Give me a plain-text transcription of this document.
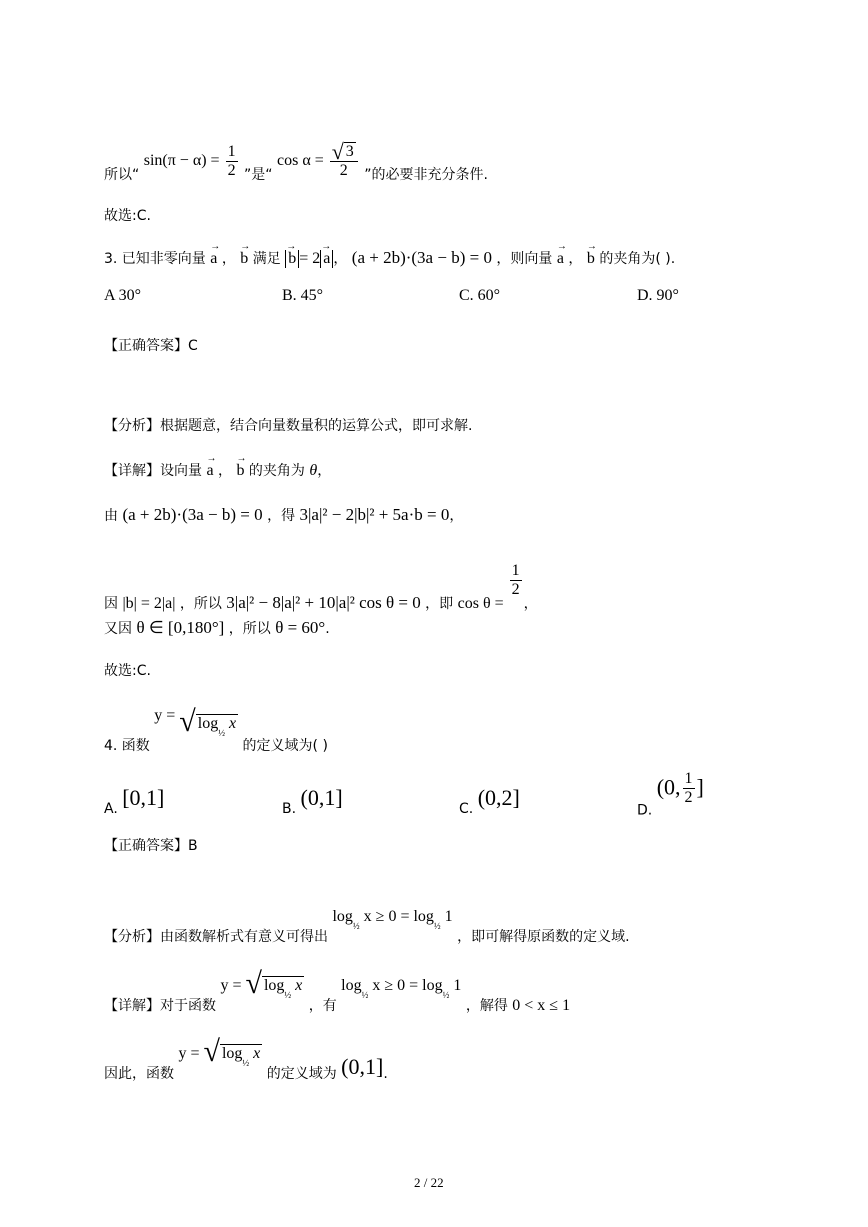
所以“ $\sin(\pi - \alpha) = \frac{1}{2}$ ”是“ $\cos \alpha = \frac{√ 3}{2}$ ”的必要非充分条件.
故选:C.
3. 已知非零向量 → a ， → b 满足 → b = 2 → a ， (a + 2b)·(3a − b) = 0 ，则向量 → a ， → b 的夹角为( ).
A 30°	B. 45°	C. 60°	D. 90°
【正确答案】C
【分析】根据题意，结合向量数量积的运算公式，即可求解.
【详解】设向量 → a ， → b 的夹角为 θ，
由 (a + 2b)·(3a − b) = 0 ，得 3|a|² − 2|b|² + 5a·b = 0，
因 |b| = 2|a| ，所以 3|a|² − 8|a|² + 10|a|² cos θ = 0 ，即 cos θ =
$\frac{1}{2}$
，
又因 θ ∈ [0,180°] ，所以 θ = 60°.
故选:C.
4. 函数 y = √ $\log_{\frac{1}{2}} x$ 的定义域为( )
A. [0,1]	B. (0,1]	C. (0,2]
D. (0, $\frac{1}{2}$ ]
【正确答案】B
【分析】由函数解析式有意义可得出 $\log_{\frac{1}{2}} x \ge 0 = \log_{\frac{1}{2}} 1$ ，即可解得原函数的定义域.
【详解】对于函数 y = √ $\log_{\frac{1}{2}} x$ ，有 $\log_{\frac{1}{2}} x \ge 0 = \log_{\frac{1}{2}} 1$ ，解得 0 < x ≤ 1
因此，函数 y = √ $\log_{\frac{1}{2}} x$ 的定义域为 (0,1].
2 / 22
